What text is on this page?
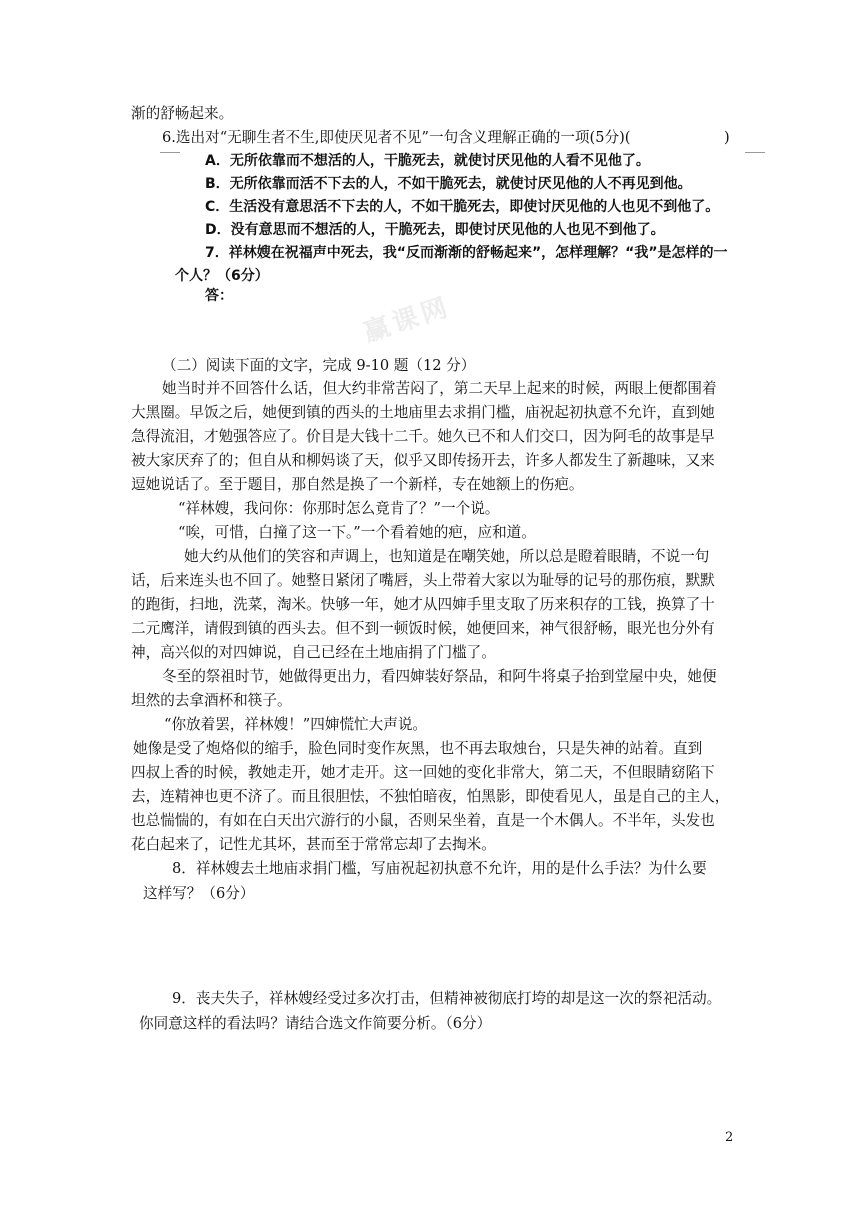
渐的舒畅起来。
6.选出对“无聊生者不生,即使厌见者不见”一句含义理解正确的一项(5分)(	)
A．无所依靠而不想活的人，干脆死去，就使讨厌见他的人看不见他了。
B．无所依靠而活不下去的人，不如干脆死去，就使讨厌见他的人不再见到他。
C．生活没有意思活不下去的人，不如干脆死去，即使讨厌见他的人也见不到他了。
D．没有意思而不想活的人，干脆死去，即使讨厌见他的人也见不到他了。
7．祥林嫂在祝福声中死去，我“反而渐渐的舒畅起来”，怎样理解？“我”是怎样的一
个人？（6分）
答：	赢课网
（二）阅读下面的文字，完成 9-10 题（12 分）
她当时并不回答什么话，但大约非常苦闷了，第二天早上起来的时候，两眼上便都围着
大黑圈。早饭之后，她便到镇的西头的土地庙里去求捐门槛，庙祝起初执意不允许，直到她
急得流泪，才勉强答应了。价目是大钱十二千。她久已不和人们交口，因为阿毛的故事是早
被大家厌弃了的；但自从和柳妈谈了天，似乎又即传扬开去，许多人都发生了新趣味，又来
逗她说话了。至于题目，那自然是换了一个新样，专在她额上的伤疤。
“祥林嫂，我问你：你那时怎么竟肯了？”一个说。
“唉，可惜，白撞了这一下。”一个看着她的疤，应和道。
她大约从他们的笑容和声调上，也知道是在嘲笑她，所以总是瞪着眼睛，不说一句
话，后来连头也不回了。她整日紧闭了嘴唇，头上带着大家以为耻辱的记号的那伤痕，默默
的跑街，扫地，洗菜，淘米。快够一年，她才从四婶手里支取了历来积存的工钱，换算了十
二元鹰洋，请假到镇的西头去。但不到一顿饭时候，她便回来，神气很舒畅，眼光也分外有
神，高兴似的对四婶说，自己已经在土地庙捐了门槛了。
冬至的祭祖时节，她做得更出力，看四婶装好祭品，和阿牛将桌子抬到堂屋中央，她便
坦然的去拿酒杯和筷子。
“你放着罢，祥林嫂！”四婶慌忙大声说。
她像是受了炮烙似的缩手，脸色同时变作灰黑，也不再去取烛台，只是失神的站着。直到
四叔上香的时候，教她走开，她才走开。这一回她的变化非常大，第二天，不但眼睛窈陷下
去，连精神也更不济了。而且很胆怯，不独怕暗夜，怕黑影，即使看见人，虽是自己的主人，
也总惴惴的，有如在白天出穴游行的小鼠，否则呆坐着，直是一个木偶人。不半年，头发也
花白起来了，记性尤其坏，甚而至于常常忘却了去掏米。
8．祥林嫂去土地庙求捐门槛，写庙祝起初执意不允许，用的是什么手法？为什么要
这样写？（6分）
9．丧夫失子，祥林嫂经受过多次打击，但精神被彻底打垮的却是这一次的祭祀活动。
你同意这样的看法吗？请结合选文作简要分析。（6分）
2
